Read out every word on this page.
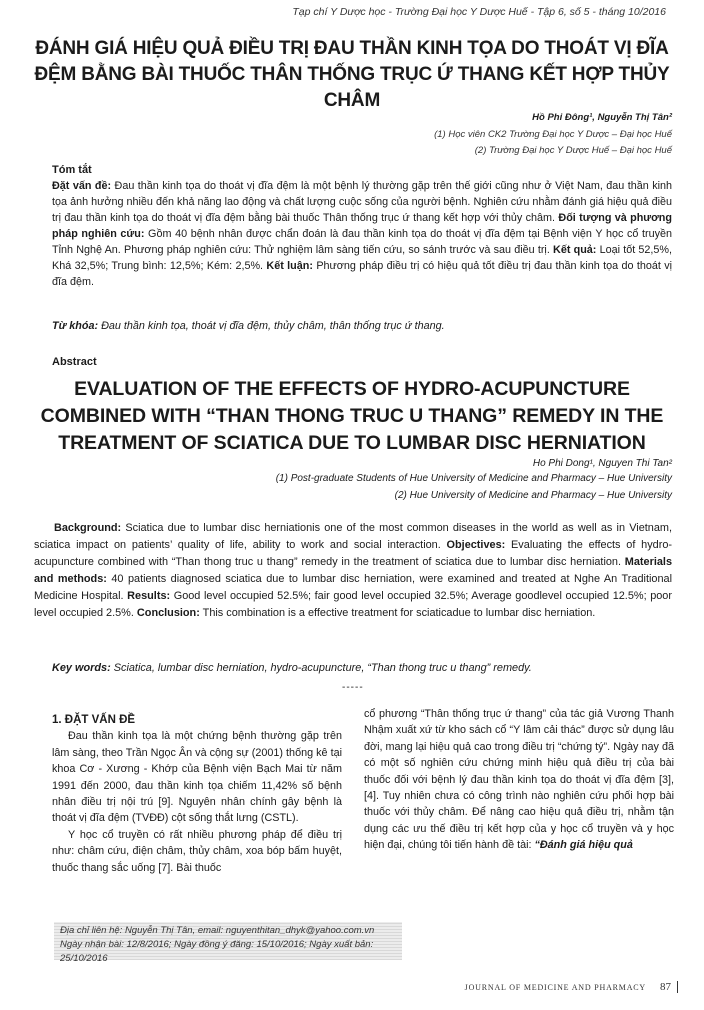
Tạp chí Y Dược học - Trường Đại học Y Dược Huế - Tập 6, số 5 - tháng 10/2016
ĐÁNH GIÁ HIỆU QUẢ ĐIỀU TRỊ ĐAU THẦN KINH TỌA DO THOÁT VỊ ĐĨA ĐỆM BẰNG BÀI THUỐC THÂN THỐNG TRỤC Ứ THANG KẾT HỢP THỦY CHÂM
Hồ Phi Đông¹, Nguyễn Thị Tân²
(1) Học viên CK2 Trường Đại học Y Dược – Đại học Huế
(2) Trường Đại học Y Dược Huế – Đại học Huế
Tóm tắt

Đặt vấn đề: Đau thần kinh tọa do thoát vị đĩa đệm là một bệnh lý thường gặp trên thế giới cũng như ở Việt Nam, đau thần kinh tọa ảnh hưởng nhiều đến khả năng lao động và chất lượng cuộc sống của người bệnh. Nghiên cứu nhằm đánh giá hiệu quả điều trị đau thần kinh tọa do thoát vị đĩa đệm bằng bài thuốc Thân thống trục ứ thang kết hợp với thủy châm. Đối tượng và phương pháp nghiên cứu: Gồm 40 bệnh nhân được chẩn đoán là đau thần kinh tọa do thoát vị đĩa đệm tại Bệnh viện Y học cổ truyền Tỉnh Nghệ An. Phương pháp nghiên cứu: Thử nghiệm lâm sàng tiến cứu, so sánh trước và sau điều trị. Kết quả: Loại tốt 52,5%, Khá 32,5%; Trung bình: 12,5%; Kém: 2,5%. Kết luận: Phương pháp điều trị có hiệu quả tốt điều trị đau thần kinh tọa do thoát vị đĩa đệm.

Từ khóa: Đau thần kinh tọa, thoát vị đĩa đệm, thủy châm, thân thống trục ứ thang.

Abstract
EVALUATION OF THE EFFECTS OF HYDRO-ACUPUNCTURE COMBINED WITH “THAN THONG TRUC U THANG” REMEDY IN THE TREATMENT OF SCIATICA DUE TO LUMBAR DISC HERNIATION
Ho Phi Dong¹, Nguyen Thi Tan²
(1) Post-graduate Students of Hue University of Medicine and Pharmacy – Hue University
(2) Hue University of Medicine and Pharmacy – Hue University

Background: Sciatica due to lumbar disc herniationis one of the most common diseases in the world as well as in Vietnam, sciatica impact on patients’ quality of life, ability to work and social interaction. Objectives: Evaluating the effects of hydro-acupuncture combined with “Than thong truc u thang” remedy in the treatment of sciatica due to lumbar disc herniation. Materials and methods: 40 patients diagnosed sciatica due to lumbar disc herniation, were examined and treated at Nghe An Traditional Medicine Hospital. Results: Good level occupied 52.5%; fair good level occupied 32.5%; Average goodlevel occupied 12.5%; poor level occupied 2.5%. Conclusion: This combination is a effective treatment for sciaticadue to lumbar disc herniation.

Key words: Sciatica, lumbar disc herniation, hydro-acupuncture, “Than thong truc u thang” remedy.

-----

1. ĐẶT VẤN ĐỀ

Đau thần kinh tọa là một chứng bệnh thường gặp trên lâm sàng, theo Trần Ngọc Ân và cộng sự (2001) thống kê tại khoa Cơ - Xương - Khớp của Bệnh viện Bạch Mai từ năm 1991 đến 2000, đau thần kinh tọa chiếm 11,42% số bệnh nhân điều trị nội trú [9]. Nguyên nhân chính gây bệnh là thoát vị đĩa đệm (TVĐĐ) cột sống thắt lưng (CSTL).

Y học cổ truyền có rất nhiều phương pháp để điều trị như: châm cứu, điện châm, thủy châm, xoa bóp bấm huyệt, thuốc thang sắc uống [7]. Bài thuốc

cổ phương “Thân thống trục ứ thang” của tác giả Vương Thanh Nhậm xuất xứ từ kho sách cổ “Y lâm cải thác” được sử dụng lâu đời, mang lại hiệu quả cao trong điều trị “chứng tý”. Ngày nay đã có một số nghiên cứu chứng minh hiệu quả điều trị của bài thuốc đối với bệnh lý đau thần kinh tọa do thoát vị đĩa đệm [3], [4]. Tuy nhiên chưa có công trình nào nghiên cứu phối hợp bài thuốc với thủy châm. Để nâng cao hiệu quả điều trị, nhằm tận dụng các ưu thế điều trị kết hợp của y học cổ truyền và y học hiện đại, chúng tôi tiến hành đề tài: “Đánh giá hiệu quả

Địa chỉ liên hệ: Nguyễn Thị Tân, email: nguyenthitan_dhyk@yahoo.com.vn
Ngày nhận bài: 12/8/2016; Ngày đồng ý đăng: 15/10/2016; Ngày xuất bản: 25/10/2016
JOURNAL OF MEDICINE AND PHARMACY 87
